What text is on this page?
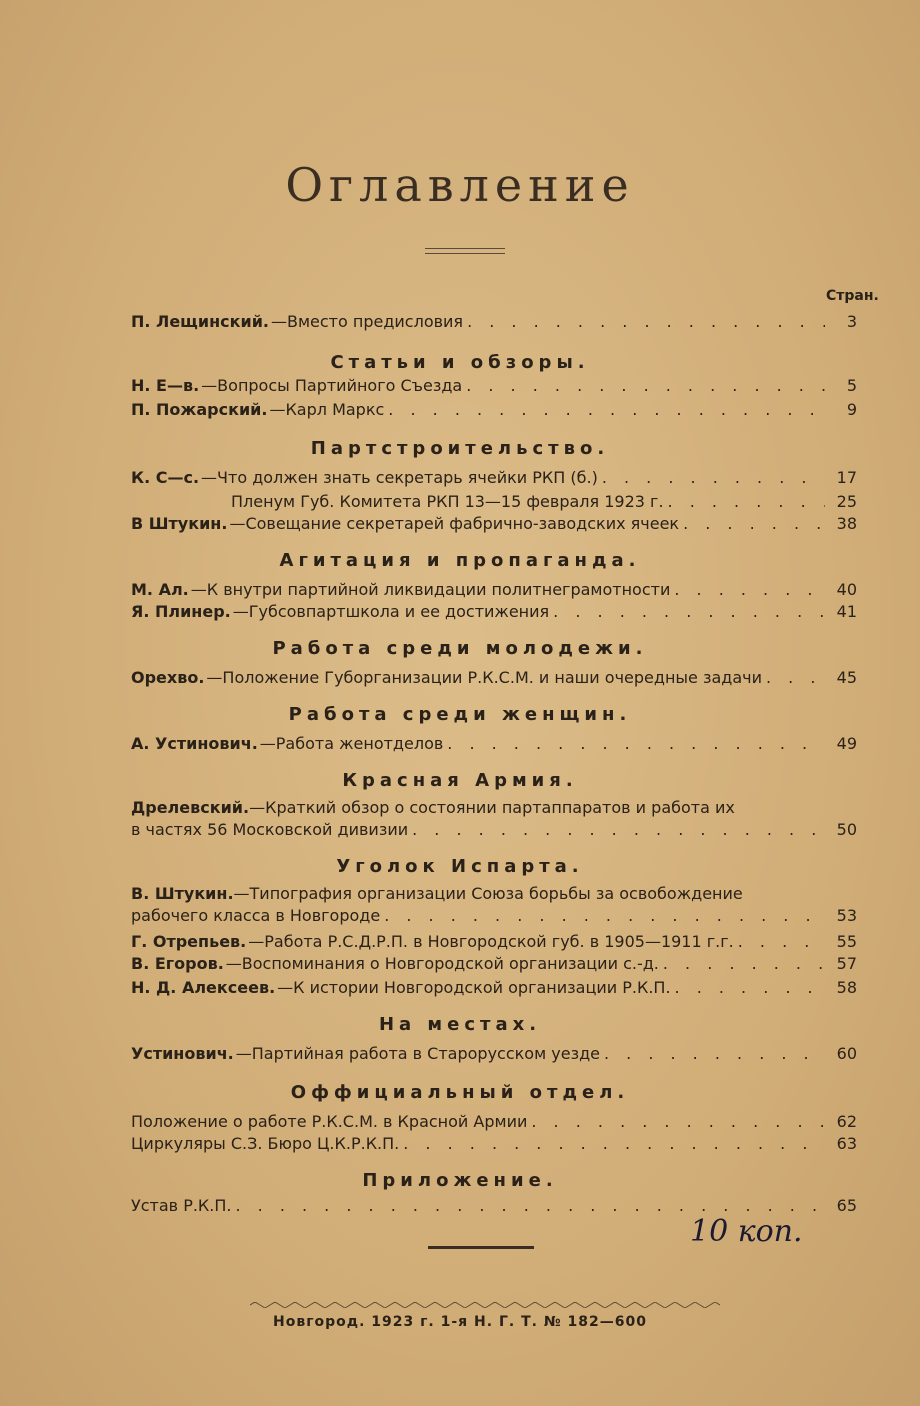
Оглавление
Стран.
П. Лещинский. —Вместо предисловия . . .	3
Статьи и обзоры.
Н. Е—в. —Вопросы Партийного Съезда . . .	5
П. Пожарский. —Карл Маркс . . .	9
Партстроительство.
К. С—с. —Что должен знать секретарь ячейки РКП (б.) . . .	17
Пленум Губ. Комитета РКП 13—15 февраля 1923 г. . . .	25
В Штукин. —Совещание секретарей фабрично-заводских ячеек . . .	38
Агитация и пропаганда.
М. Ал. —К внутри партийной ликвидации политнеграмотности . . .	40
Я. Плинер. —Губсовпартшкола и ее достижения . . .	41
Работа среди молодежи.
Орехво. —Положение Губорганизации Р.К.С.М. и наши очередные задачи . . .	45
Работа среди женщин.
А. Устинович. —Работа женотделов . . .	49
Красная Армия.
Дрелевский.—Краткий обзор о состоянии партаппаратов и работа их
в частях 56 Московской дивизии . . .	50
Уголок Испарта.
В. Штукин.—Типография организации Союза борьбы за освобождение
рабочего класса в Новгороде . . .	53
Г. Отрепьев. —Работа Р.С.Д.Р.П. в Новгородской губ. в 1905—1911 г.г. . . .	55
В. Егоров. —Воспоминания о Новгородской организации с.-д. . . .	57
Н. Д. Алексеев. —К истории Новгородской организации Р.К.П. . . .	58
На местах.
Устинович. —Партийная работа в Старорусском уезде . . .	60
Оффициальный отдел.
Положение о работе Р.К.С.М. в Красной Армии . . .	62
Циркуляры С.З. Бюро Ц.К.Р.К.П. . . .	63
Приложение.
Устав Р.К.П. . . .	65
10 коп.
Новгород. 1923 г. 1-я Н. Г. Т. № 182—600
